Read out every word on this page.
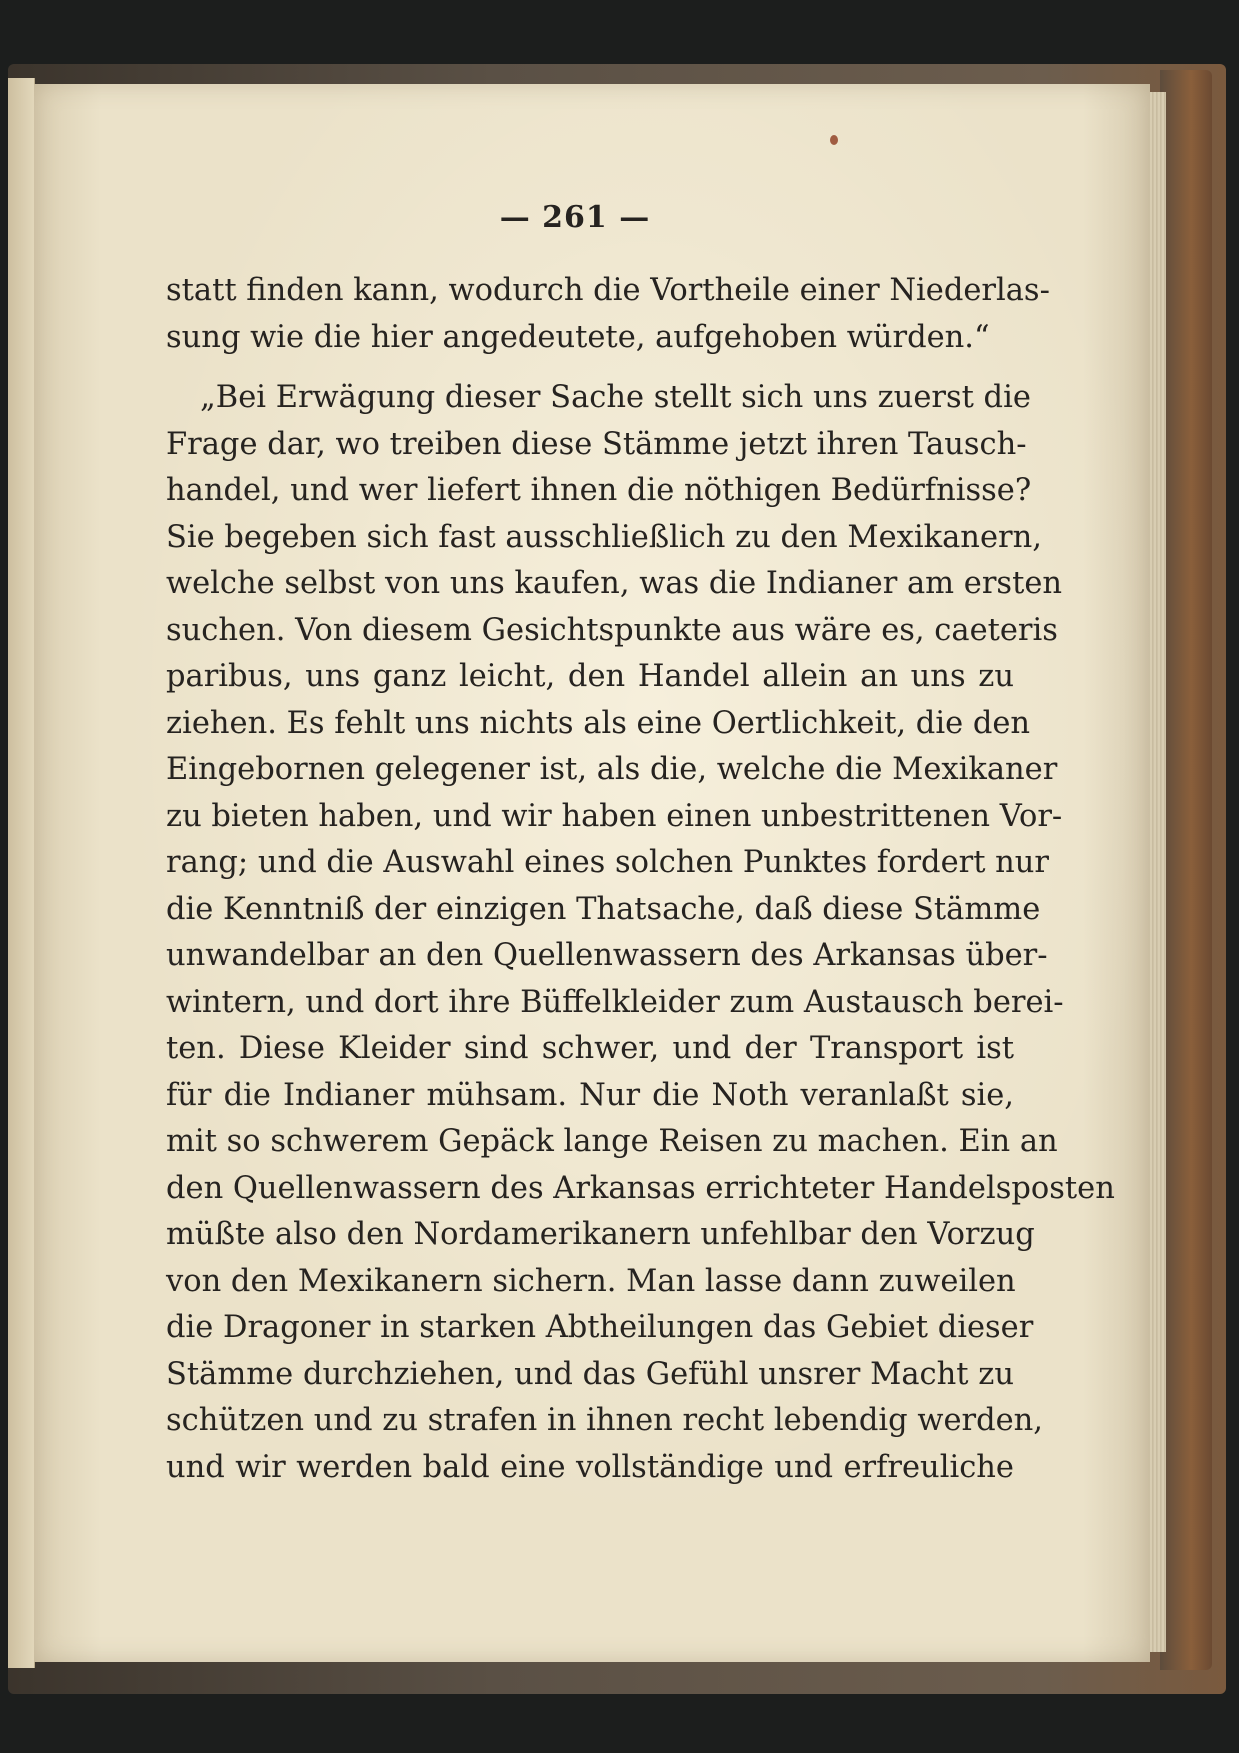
— 261 —
statt finden kann, wodurch die Vortheile einer Niederlas-
sung wie die hier angedeutete, aufgehoben würden.“
„Bei Erwägung dieser Sache stellt sich uns zuerst die
Frage dar, wo treiben diese Stämme jetzt ihren Tausch-
handel, und wer liefert ihnen die nöthigen Bedürfnisse?
Sie begeben sich fast ausschließlich zu den Mexikanern,
welche selbst von uns kaufen, was die Indianer am ersten
suchen. Von diesem Gesichtspunkte aus wäre es, caeteris
paribus, uns ganz leicht, den Handel allein an uns zu
ziehen. Es fehlt uns nichts als eine Oertlichkeit, die den
Eingebornen gelegener ist, als die, welche die Mexikaner
zu bieten haben, und wir haben einen unbestrittenen Vor-
rang; und die Auswahl eines solchen Punktes fordert nur
die Kenntniß der einzigen Thatsache, daß diese Stämme
unwandelbar an den Quellenwassern des Arkansas über-
wintern, und dort ihre Büffelkleider zum Austausch berei-
ten. Diese Kleider sind schwer, und der Transport ist
für die Indianer mühsam. Nur die Noth veranlaßt sie,
mit so schwerem Gepäck lange Reisen zu machen. Ein an
den Quellenwassern des Arkansas errichteter Handelsposten
müßte also den Nordamerikanern unfehlbar den Vorzug
von den Mexikanern sichern. Man lasse dann zuweilen
die Dragoner in starken Abtheilungen das Gebiet dieser
Stämme durchziehen, und das Gefühl unsrer Macht zu
schützen und zu strafen in ihnen recht lebendig werden,
und wir werden bald eine vollständige und erfreuliche
